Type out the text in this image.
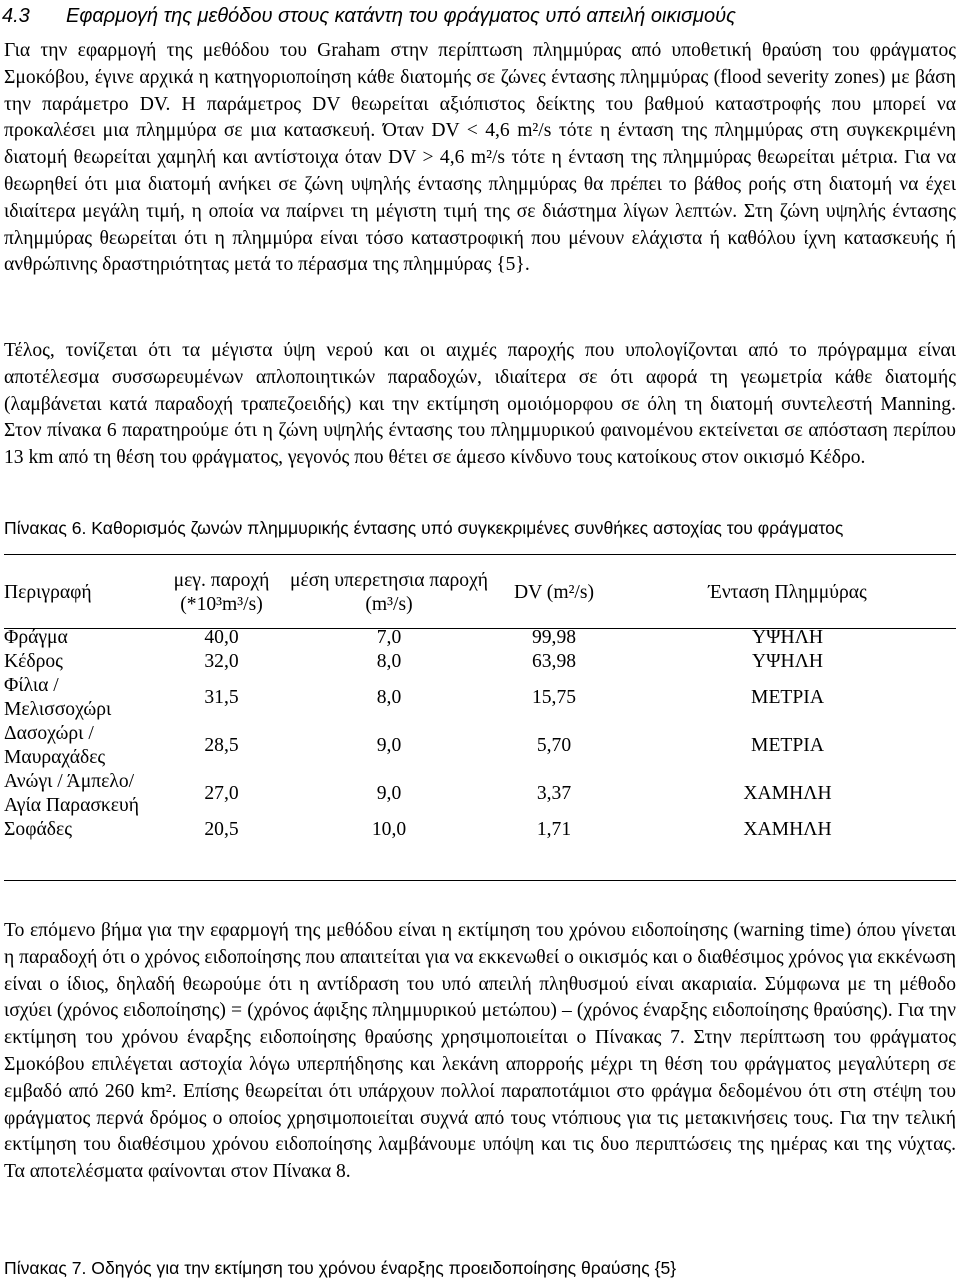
4.3 Εφαρμογή της μεθόδου στους κατάντη του φράγματος υπό απειλή οικισμούς

Για την εφαρμογή της μεθόδου του Graham στην περίπτωση πλημμύρας από υποθετική θραύση του φράγματος Σμοκόβου, έγινε αρχικά η κατηγοριοποίηση κάθε διατομής σε ζώνες έντασης πλημμύρας (flood severity zones) με βάση την παράμετρο DV. Η παράμετρος DV θεωρείται αξιόπιστος δείκτης του βαθμού καταστροφής που μπορεί να προκαλέσει μια πλημμύρα σε μια κατασκευή. Όταν DV < 4,6 m²/s τότε η ένταση της πλημμύρας στη συγκεκριμένη διατομή θεωρείται χαμηλή και αντίστοιχα όταν DV > 4,6 m²/s τότε η ένταση της πλημμύρας θεωρείται μέτρια. Για να θεωρηθεί ότι μια διατομή ανήκει σε ζώνη υψηλής έντασης πλημμύρας θα πρέπει το βάθος ροής στη διατομή να έχει ιδιαίτερα μεγάλη τιμή, η οποία να παίρνει τη μέγιστη τιμή της σε διάστημα λίγων λεπτών. Στη ζώνη υψηλής έντασης πλημμύρας θεωρείται ότι η πλημμύρα είναι τόσο καταστροφική που μένουν ελάχιστα ή καθόλου ίχνη κατασκευής ή ανθρώπινης δραστηριότητας μετά το πέρασμα της πλημμύρας {5}.

Τέλος, τονίζεται ότι τα μέγιστα ύψη νερού και οι αιχμές παροχής που υπολογίζονται από το πρόγραμμα είναι αποτέλεσμα συσσωρευμένων απλοποιητικών παραδοχών, ιδιαίτερα σε ότι αφορά τη γεωμετρία κάθε διατομής (λαμβάνεται κατά παραδοχή τραπεζοειδής) και την εκτίμηση ομοιόμορφου σε όλη τη διατομή συντελεστή Manning. Στον πίνακα 6 παρατηρούμε ότι η ζώνη υψηλής έντασης του πλημμυρικού φαινομένου εκτείνεται σε απόσταση περίπου 13 km από τη θέση του φράγματος, γεγονός που θέτει σε άμεσο κίνδυνο τους κατοίκους στον οικισμό Κέδρο.

Πίνακας 6. Καθορισμός ζωνών πλημμυρικής έντασης υπό συγκεκριμένες συνθήκες αστοχίας του φράγματος
Περιγραφή	μεγ. παροχή (*10³m³/s)	μέση υπερετησια παροχή (m³/s)	DV (m²/s)	Ένταση Πλημμύρας
Φράγμα	40,0	7,0	99,98	ΥΨΗΛΗ
Κέδρος	32,0	8,0	63,98	ΥΨΗΛΗ
Φίλια / Μελισσοχώρι	31,5	8,0	15,75	ΜΕΤΡΙΑ
Δασοχώρι / Μαυραχάδες	28,5	9,0	5,70	ΜΕΤΡΙΑ
Ανώγι / Άμπελο/ Αγία Παρασκευή	27,0	9,0	3,37	ΧΑΜΗΛΗ
Σοφάδες	20,5	10,0	1,71	ΧΑΜΗΛΗ

Το επόμενο βήμα για την εφαρμογή της μεθόδου είναι η εκτίμηση του χρόνου ειδοποίησης (warning time) όπου γίνεται η παραδοχή ότι ο χρόνος ειδοποίησης που απαιτείται για να εκκενωθεί ο οικισμός και ο διαθέσιμος χρόνος για εκκένωση είναι ο ίδιος, δηλαδή θεωρούμε ότι η αντίδραση του υπό απειλή πληθυσμού είναι ακαριαία. Σύμφωνα με τη μέθοδο ισχύει (χρόνος ειδοποίησης) = (χρόνος άφιξης πλημμυρικού μετώπου) – (χρόνος έναρξης ειδοποίησης θραύσης). Για την εκτίμηση του χρόνου έναρξης ειδοποίησης θραύσης χρησιμοποιείται ο Πίνακας 7. Στην περίπτωση του φράγματος Σμοκόβου επιλέγεται αστοχία λόγω υπερπήδησης και λεκάνη απορροής μέχρι τη θέση του φράγματος μεγαλύτερη σε εμβαδό από 260 km². Επίσης θεωρείται ότι υπάρχουν πολλοί παραποτάμιοι στο φράγμα δεδομένου ότι στη στέψη του φράγματος περνά δρόμος ο οποίος χρησιμοποιείται συχνά από τους ντόπιους για τις μετακινήσεις τους. Για την τελική εκτίμηση του διαθέσιμου χρόνου ειδοποίησης λαμβάνουμε υπόψη και τις δυο περιπτώσεις της ημέρας και της νύχτας. Τα αποτελέσματα φαίνονται στον Πίνακα 8.

Πίνακας 7. Οδηγός για την εκτίμηση του χρόνου έναρξης προειδοποίησης θραύσης {5}
